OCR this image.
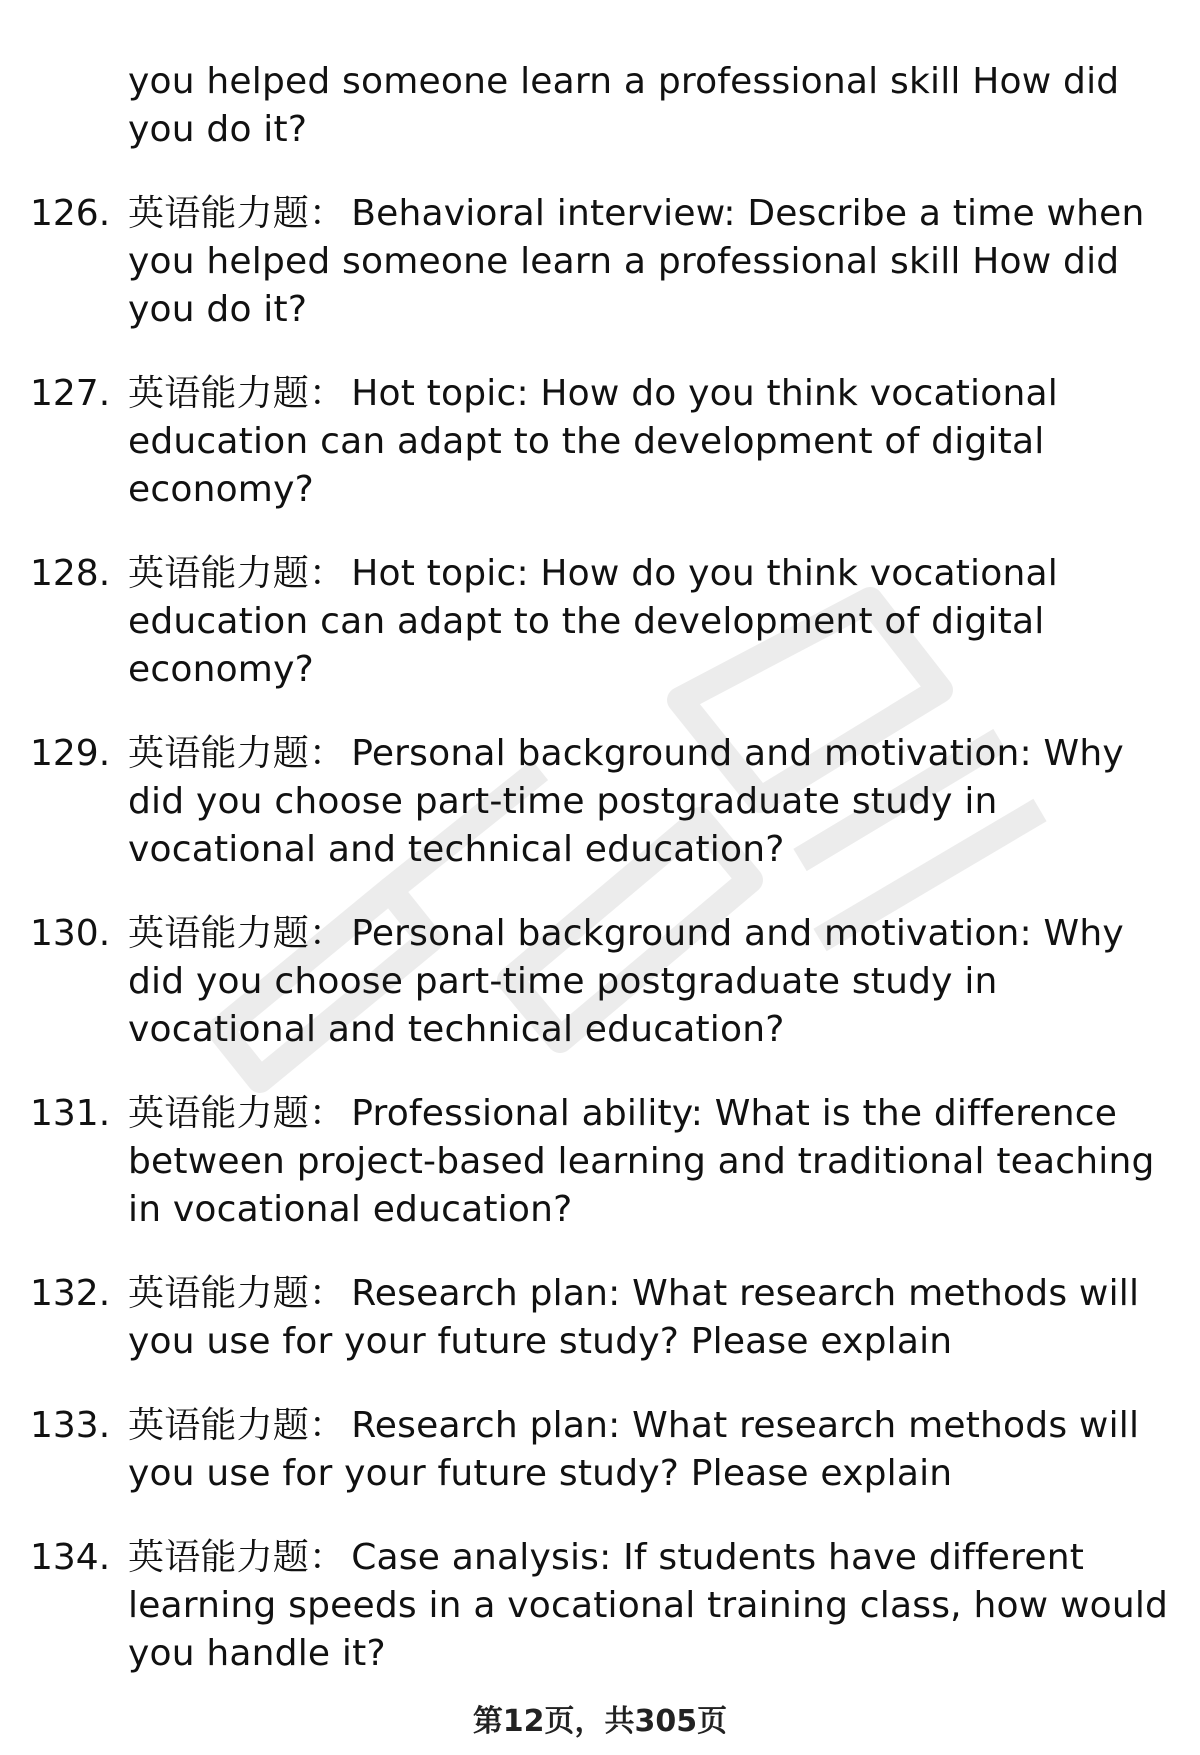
you helped someone learn a professional skill How did you do it?
126. 英语能力题： Behavioral interview: Describe a time when you helped someone learn a professional skill How did you do it?
127. 英语能力题： Hot topic: How do you think vocational education can adapt to the development of digital economy?
128. 英语能力题： Hot topic: How do you think vocational education can adapt to the development of digital economy?
129. 英语能力题： Personal background and motivation: Why did you choose part-time postgraduate study in vocational and technical education?
130. 英语能力题： Personal background and motivation: Why did you choose part-time postgraduate study in vocational and technical education?
131. 英语能力题： Professional ability: What is the difference between project-based learning and traditional teaching in vocational education?
132. 英语能力题： Research plan: What research methods will you use for your future study? Please explain
133. 英语能力题： Research plan: What research methods will you use for your future study? Please explain
134. 英语能力题： Case analysis: If students have different learning speeds in a vocational training class, how would you handle it?
第12页，共305页
